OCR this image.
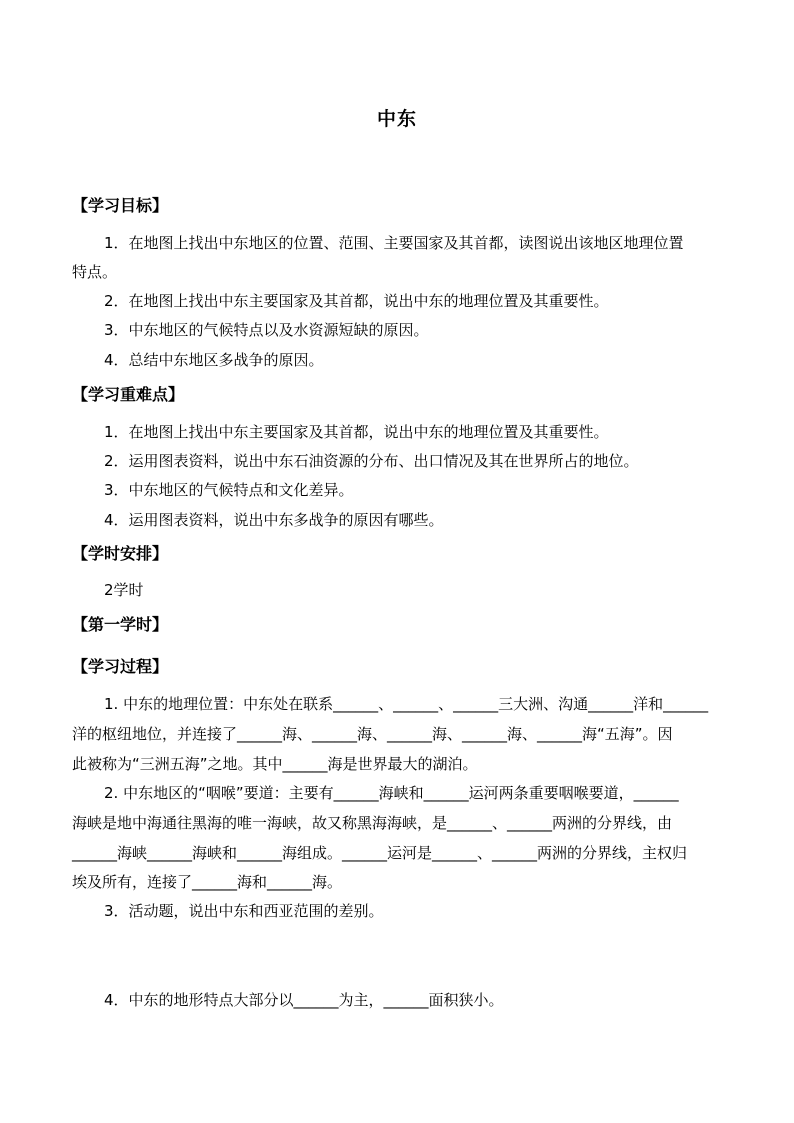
中东
【学习目标】
1．在地图上找出中东地区的位置、范围、主要国家及其首都，读图说出该地区地理位置
特点。
2．在地图上找出中东主要国家及其首都，说出中东的地理位置及其重要性。
3．中东地区的气候特点以及水资源短缺的原因。
4．总结中东地区多战争的原因。
【学习重难点】
1．在地图上找出中东主要国家及其首都，说出中东的地理位置及其重要性。
2．运用图表资料，说出中东石油资源的分布、出口情况及其在世界所占的地位。
3．中东地区的气候特点和文化差异。
4．运用图表资料，说出中东多战争的原因有哪些。
【学时安排】
2学时
【第一学时】
【学习过程】
1. 中东的地理位置：中东处在联系______、______、______三大洲、沟通______洋和______
洋的枢纽地位，并连接了______海、______海、______海、______海、______海“五海”。因
此被称为“三洲五海”之地。其中______海是世界最大的湖泊。
2. 中东地区的“咽喉”要道：主要有______海峡和______运河两条重要咽喉要道，______
海峡是地中海通往黑海的唯一海峡，故又称黑海海峡，是______、______两洲的分界线，由
______海峡______海峡和______海组成。______运河是______、______两洲的分界线，主权归
埃及所有，连接了______海和______海。
3．活动题，说出中东和西亚范围的差别。
4．中东的地形特点大部分以______为主，______面积狭小。
